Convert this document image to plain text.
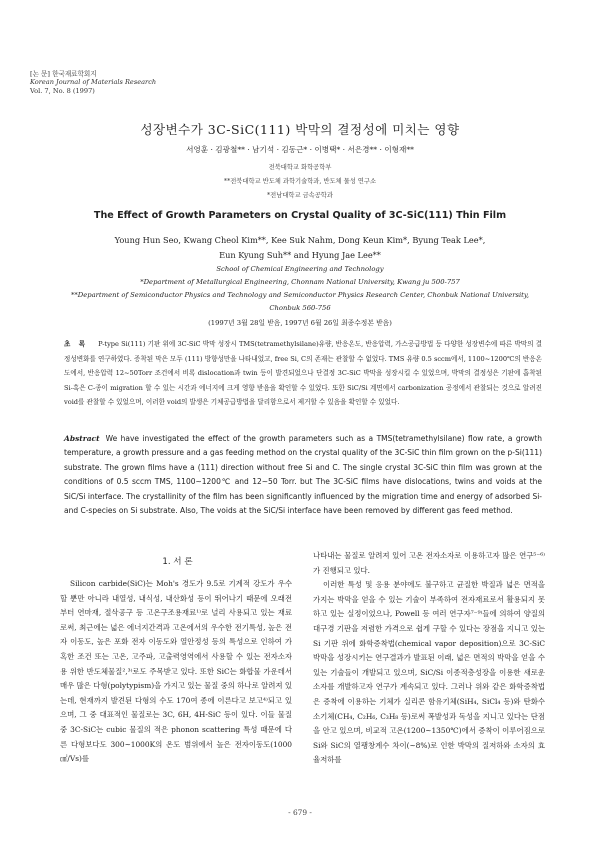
[논 문] 한국재료학회지
Korean Journal of Materials Research
Vol. 7, No. 8 (1997)
성장변수가 3C-SiC(111) 박막의 결정성에 미치는 영향
서영훈 · 김광철** · 남기석 · 김동근* · 이병택* · 서은경** · 이형재**
전북대학교 화학공학부
**전북대학교 반도체 과학기술학과, 반도체 물성 연구소
*전남대학교 금속공학과
The Effect of Growth Parameters on Crystal Quality of 3C-SiC(111) Thin Film
Young Hun Seo, Kwang Cheol Kim**, Kee Suk Nahm, Dong Keun Kim*, Byung Teak Lee*,
Eun Kyung Suh** and Hyung Jae Lee**
School of Chemical Engineering and Technology
*Department of Metallurgical Engineering, Chonnam National University, Kwang ju 500-757
**Department of Semiconductor Physics and Technology and Semiconductor Physics Research Center, Chonbuk National University,
Chonbuk 560-756
(1997년 3월 28일 받음, 1997년 6월 26일 최종수정본 받음)
초 록 P-type Si(111) 기판 위에 3C-SiC 박막 성장시 TMS(tetramethylsilane)유량, 반응온도, 반응압력, 가스공급방법 등 다양한 성장변수에 따른 박막의 결정성변화를 연구하였다. 증착된 막은 모두 (111) 방향성만을 나타내었고, free Si, C의 존재는 관찰할 수 없었다. TMS 유량 0.5 sccm에서, 1100~1200℃의 반응온도에서, 반응압력 12~50Torr 조건에서 비록 dislocation과 twin 등이 발견되었으나 단결정 3C-SiC 박막을 성장시킬 수 있었으며, 박막의 결정성은 기판에 흡착된 Si-혹은 C-종이 migration 할 수 있는 시간과 에너지에 크게 영향 받음을 확인할 수 있었다. 또한 SiC/Si 계면에서 carbonization 공정에서 관찰되는 것으로 알려진 void를 관찰할 수 있었으며, 이러한 void의 발생은 기체공급방법을 달리함으로서 제거할 수 있음을 확인할 수 있었다.
Abstract We have investigated the effect of the growth parameters such as a TMS(tetramethylsilane) flow rate, a growth temperature, a growth pressure and a gas feeding method on the crystal quality of the 3C-SiC thin film grown on the p-Si(111) substrate. The grown films have a (111) direction without free Si and C. The single crystal 3C-SiC thin film was grown at the conditions of 0.5 sccm TMS, 1100~1200℃ and 12~50 Torr. but The 3C-SiC films have dislocations, twins and voids at the SiC/Si interface. The crystallinity of the film has been significantly influenced by the migration time and energy of adsorbed Si- and C-species on Si substrate. Also, The voids at the SiC/Si interface have been removed by different gas feed method.
1. 서 론

Silicon carbide(SiC)는 Moh's 경도가 9.5로 기계적 강도가 우수할 뿐만 아니라 내열성, 내식성, 내산화성 등이 뛰어나기 때문에 오래전부터 연마재, 절삭공구 등 고온구조용재료¹⁾로 널리 사용되고 있는 재료로써, 최근에는 넓은 에너지간격과 고온에서의 우수한 전기특성, 높은 전자 이동도, 높은 포화 전자 이동도와 열안정성 등의 특성으로 인하여 가혹한 조건 또는 고온, 고주파, 고출력영역에서 사용할 수 있는 전자소자용 위한 반도체물질²,³⁾로도 주목받고 있다. 또한 SiC는 화합물 가운데서 매우 많은 다형(polytypism)을 가지고 있는 물질 중의 하나로 알려져 있는데, 현재까지 발견된 다형의 수도 170여 종에 이른다고 보고⁴⁾되고 있으며, 그 중 대표적인 물질로는 3C, 6H, 4H-SiC 등이 있다. 이들 물질 중 3C-SiC는 cubic 물질의 적은 phonon scattering 특성 때문에 다른 다형보다도 300~1000K의 온도 범위에서 높은 전자이동도(1000㎠/Vs)를

나타내는 물질로 알려져 있어 고온 전자소자로 이용하고자 많은 연구⁵⁻⁶⁾가 진행되고 있다.

이러한 특성 및 응용 분야에도 불구하고 균질한 박질과 넓은 면적을 가지는 박막을 얻을 수 있는 기술이 부족하여 전자재료로서 활용되지 못하고 있는 실정이었으나, Powell 등 여러 연구자⁷⁻⁹⁾들에 의하여 양질의 대구경 기판을 저렴한 가격으로 쉽게 구할 수 있다는 장점을 지니고 있는 Si 기판 위에 화학증착법(chemical vapor deposition)으로 3C-SiC 박막을 성장시키는 연구결과가 발표된 이래, 넓은 면적의 박막을 얻을 수 있는 기술들이 개발되고 있으며, SiC/Si 이종적층성장을 이용한 새로운 소자를 개발하고자 연구가 계속되고 있다. 그러나 위와 같은 화학증착법은 증착에 이용하는 기체가 실리콘 함유기체(SiH₄, SiCl₄ 등)와 탄화수소기체(CH₄, C₂H₆, C₃H₈ 등)로써 폭발성과 독성을 지니고 있다는 단점을 안고 있으며, 비교적 고온(1200~1350℃)에서 증착이 이루어짐으로 Si와 SiC의 열팽창계수 차이(~8%)로 인한 박막의 질저하와 소자의 효율저하를

- 679 -
